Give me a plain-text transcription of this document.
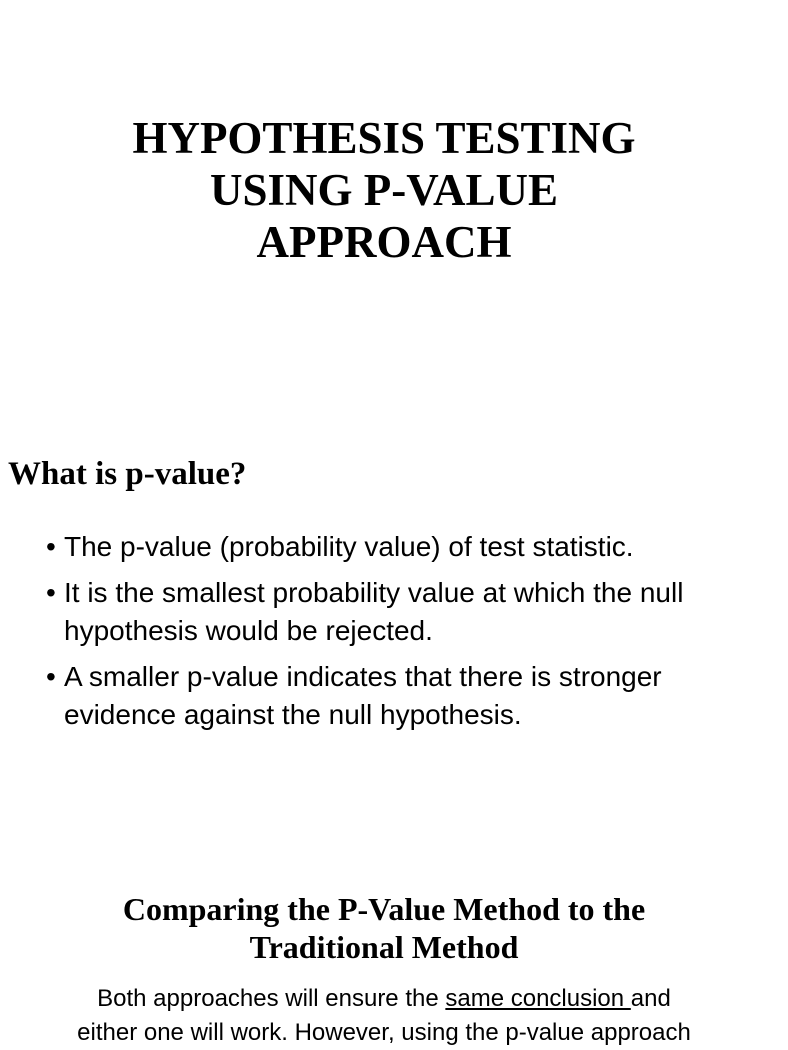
HYPOTHESIS TESTING
USING P-VALUE
APPROACH
What is p-value?
• The p-value (probability value) of test statistic.
• It is the smallest probability value at which the null hypothesis would be rejected.
• A smaller p-value indicates that there is stronger evidence against the null hypothesis.
Comparing the P-Value Method to the
Traditional Method
Both approaches will ensure the same conclusion and
either one will work. However, using the p-value approach
